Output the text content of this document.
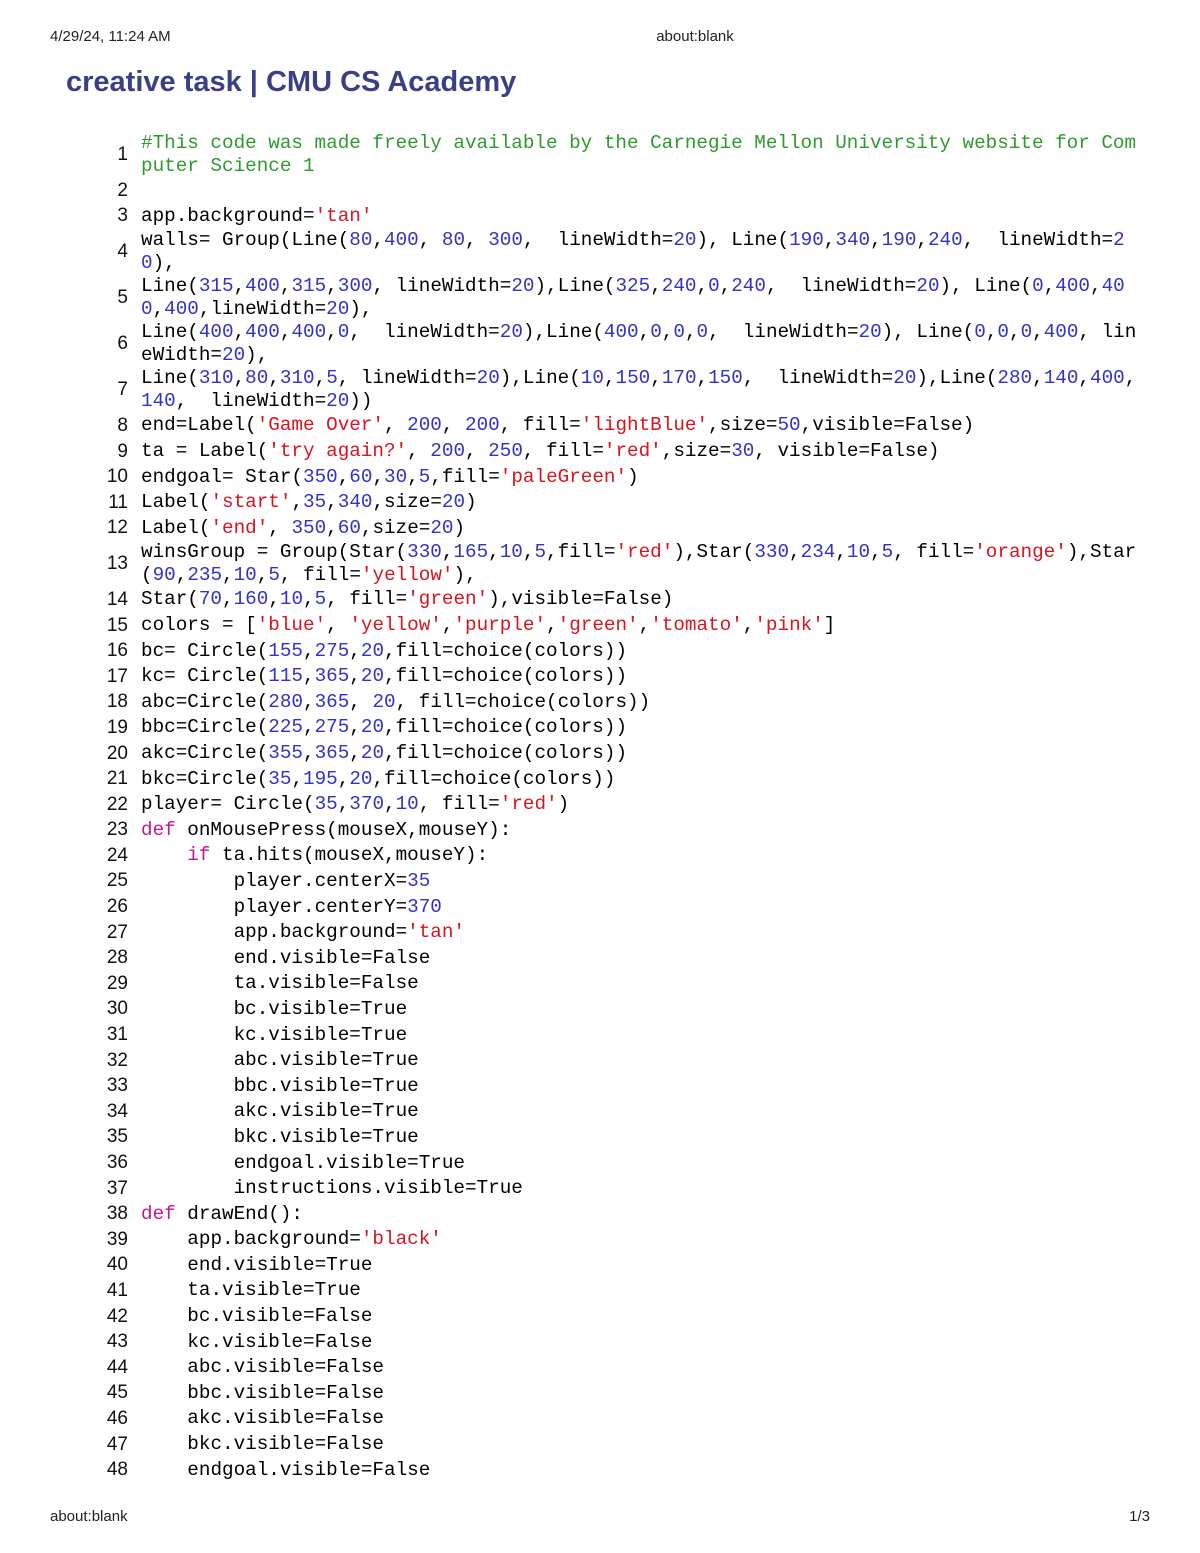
4/29/24, 11:24 AM	about:blank
creative task | CMU CS Academy
1
#This code was made freely available by the Carnegie Mellon University website for Computer Science 1
2
3 app.background='tan'
4
walls= Group(Line(80,400, 80, 300,  lineWidth=20), Line(190,340,190,240,  lineWidth=20),
5
Line(315,400,315,300, lineWidth=20),Line(325,240,0,240,  lineWidth=20), Line(0,400,400,400,lineWidth=20),
6
Line(400,400,400,0,  lineWidth=20),Line(400,0,0,0,  lineWidth=20), Line(0,0,0,400, lineWidth=20),
7
Line(310,80,310,5, lineWidth=20),Line(10,150,170,150,  lineWidth=20),Line(280,140,400,140,  lineWidth=20))
8 end=Label('Game Over', 200, 200, fill='lightBlue',size=50,visible=False)
9 ta = Label('try again?', 200, 250, fill='red',size=30, visible=False)
10 endgoal= Star(350,60,30,5,fill='paleGreen')
11 Label('start',35,340,size=20)
12 Label('end', 350,60,size=20)
13
winsGroup = Group(Star(330,165,10,5,fill='red'),Star(330,234,10,5, fill='orange'),Star(90,235,10,5, fill='yellow'),
14 Star(70,160,10,5, fill='green'),visible=False)
15 colors = ['blue', 'yellow','purple','green','tomato','pink']
16 bc= Circle(155,275,20,fill=choice(colors))
17 kc= Circle(115,365,20,fill=choice(colors))
18 abc=Circle(280,365, 20, fill=choice(colors))
19 bbc=Circle(225,275,20,fill=choice(colors))
20 akc=Circle(355,365,20,fill=choice(colors))
21 bkc=Circle(35,195,20,fill=choice(colors))
22 player= Circle(35,370,10, fill='red')
23 def onMousePress(mouseX,mouseY):
24	if ta.hits(mouseX,mouseY):
25 player.centerX=35
26 player.centerY=370
27 app.background='tan'
28 end.visible=False
29 ta.visible=False
30 bc.visible=True
31 kc.visible=True
32 abc.visible=True
33 bbc.visible=True
34 akc.visible=True
35 bkc.visible=True
36 endgoal.visible=True
37 instructions.visible=True
38 def drawEnd():
39 app.background='black'
40 end.visible=True
41 ta.visible=True
42 bc.visible=False
43 kc.visible=False
44 abc.visible=False
45 bbc.visible=False
46 akc.visible=False
47 bkc.visible=False
48 endgoal.visible=False
about:blank	1/3
